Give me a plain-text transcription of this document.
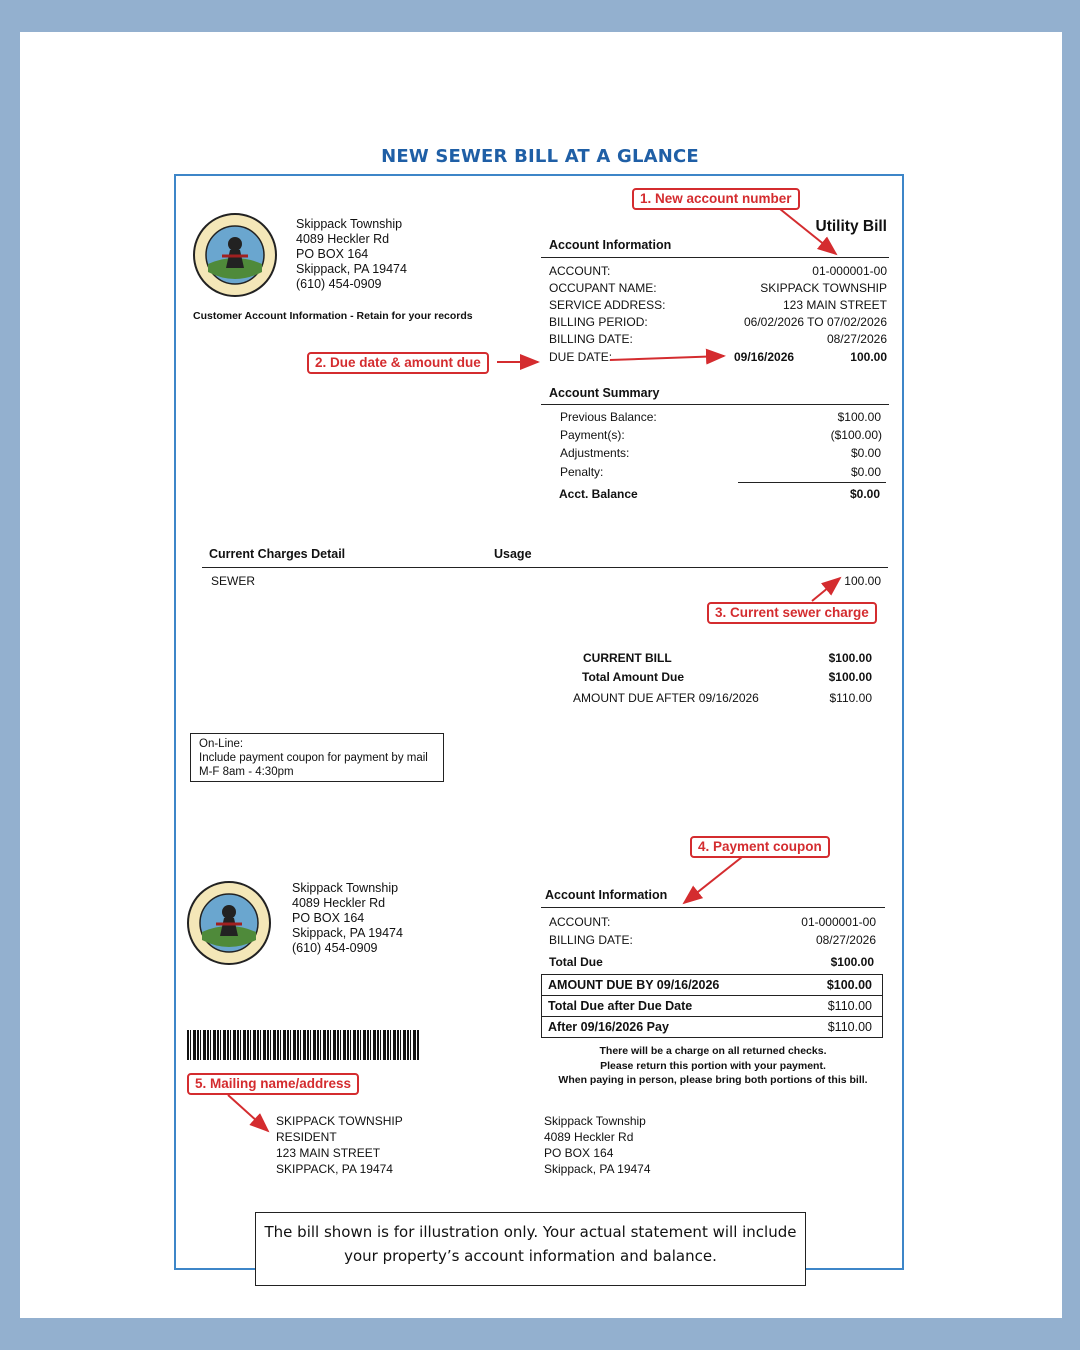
NEW SEWER BILL AT A GLANCE
Skippack Township
4089 Heckler Rd
PO BOX 164
Skippack, PA 19474
(610) 454-0909
Customer Account Information - Retain for your records
Utility Bill
Account Information
ACCOUNT:	01-000001-00
OCCUPANT NAME:	SKIPPACK TOWNSHIP
SERVICE ADDRESS:	123 MAIN STREET
BILLING PERIOD:	06/02/2026 TO 07/02/2026
BILLING DATE:	08/27/2026
DUE DATE:	09/16/2026	100.00
Account Summary
Previous Balance:	$100.00
Payment(s):	($100.00)
Adjustments:	$0.00
Penalty:	$0.00
Acct. Balance	$0.00
Current Charges Detail	Usage
SEWER	100.00
CURRENT BILL	$100.00
Total Amount Due	$100.00
AMOUNT DUE AFTER 09/16/2026	$110.00
On-Line:
Include payment coupon for payment by mail
M-F 8am - 4:30pm
Skippack Township
4089 Heckler Rd
PO BOX 164
Skippack, PA 19474
(610) 454-0909
Account Information
ACCOUNT:	01-000001-00
BILLING DATE:	08/27/2026
Total Due	$100.00
AMOUNT DUE BY 09/16/2026	$100.00
Total Due after Due Date	$110.00
After 09/16/2026 Pay	$110.00
There will be a charge on all returned checks.
Please return this portion with your payment.
When paying in person, please bring both portions of this bill.
SKIPPACK TOWNSHIP
RESIDENT
123 MAIN STREET
SKIPPACK, PA 19474
Skippack Township
4089 Heckler Rd
PO BOX 164
Skippack, PA 19474
1. New account number
2. Due date & amount due
3. Current sewer charge
4. Payment coupon
5. Mailing name/address
The bill shown is for illustration only. Your actual statement will include your property’s account information and balance.
